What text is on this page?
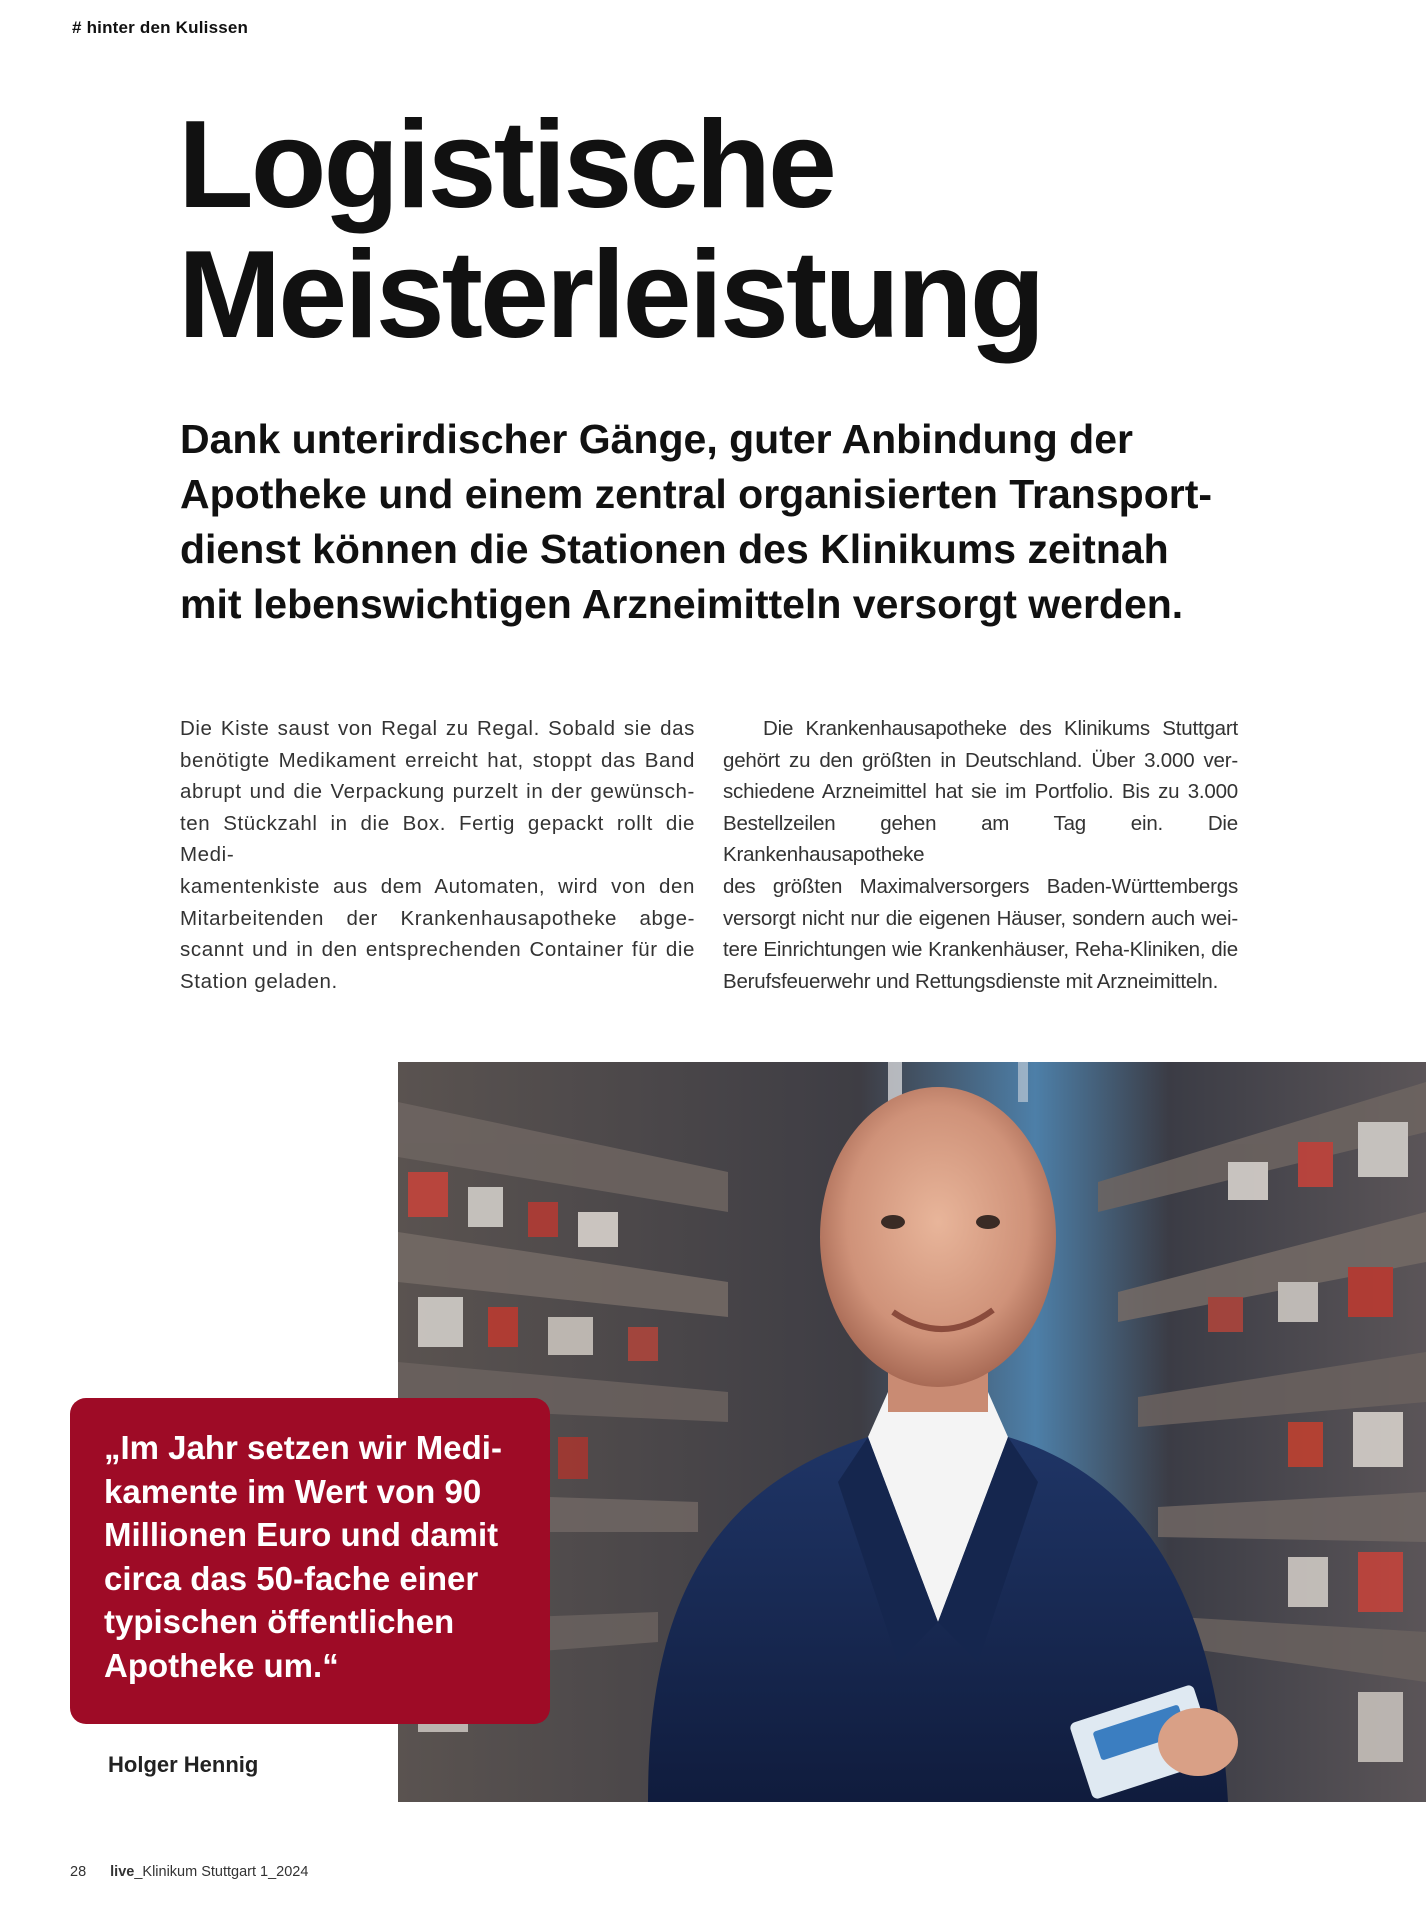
# hinter den Kulissen
Logistische
Meisterleistung

Dank unterirdischer Gänge, guter Anbindung der
Apotheke und einem zentral organisierten Transport-
dienst können die Stationen des Klinikums zeitnah
mit lebenswichtigen Arzneimitteln versorgt werden.

Die Kiste saust von Regal zu Regal. Sobald sie das
benötigte Medikament erreicht hat, stoppt das Band
abrupt und die Verpackung purzelt in der gewünsch-
ten Stückzahl in die Box. Fertig gepackt rollt die Medi-
kamentenkiste aus dem Automaten, wird von den
Mitarbeitenden der Krankenhausapotheke abge-
scannt und in den entsprechenden Container für die
Station geladen.
Die Krankenhausapotheke des Klinikums Stuttgart
gehört zu den größten in Deutschland. Über 3.000 ver-
schiedene Arzneimittel hat sie im Portfolio. Bis zu 3.000
Bestellzeilen gehen am Tag ein. Die Krankenhausapotheke
des größten Maximalversorgers Baden-Württembergs
versorgt nicht nur die eigenen Häuser, sondern auch wei-
tere Einrichtungen wie Krankenhäuser, Reha-Kliniken, die
Berufsfeuerwehr und Rettungsdienste mit Arzneimitteln.

„Im Jahr setzen wir Medi-
kamente im Wert von 90
Millionen Euro und damit
circa das 50-fache einer
typischen öffentlichen
Apotheke um.“

Holger Hennig
28 live_Klinikum Stuttgart 1_2024
